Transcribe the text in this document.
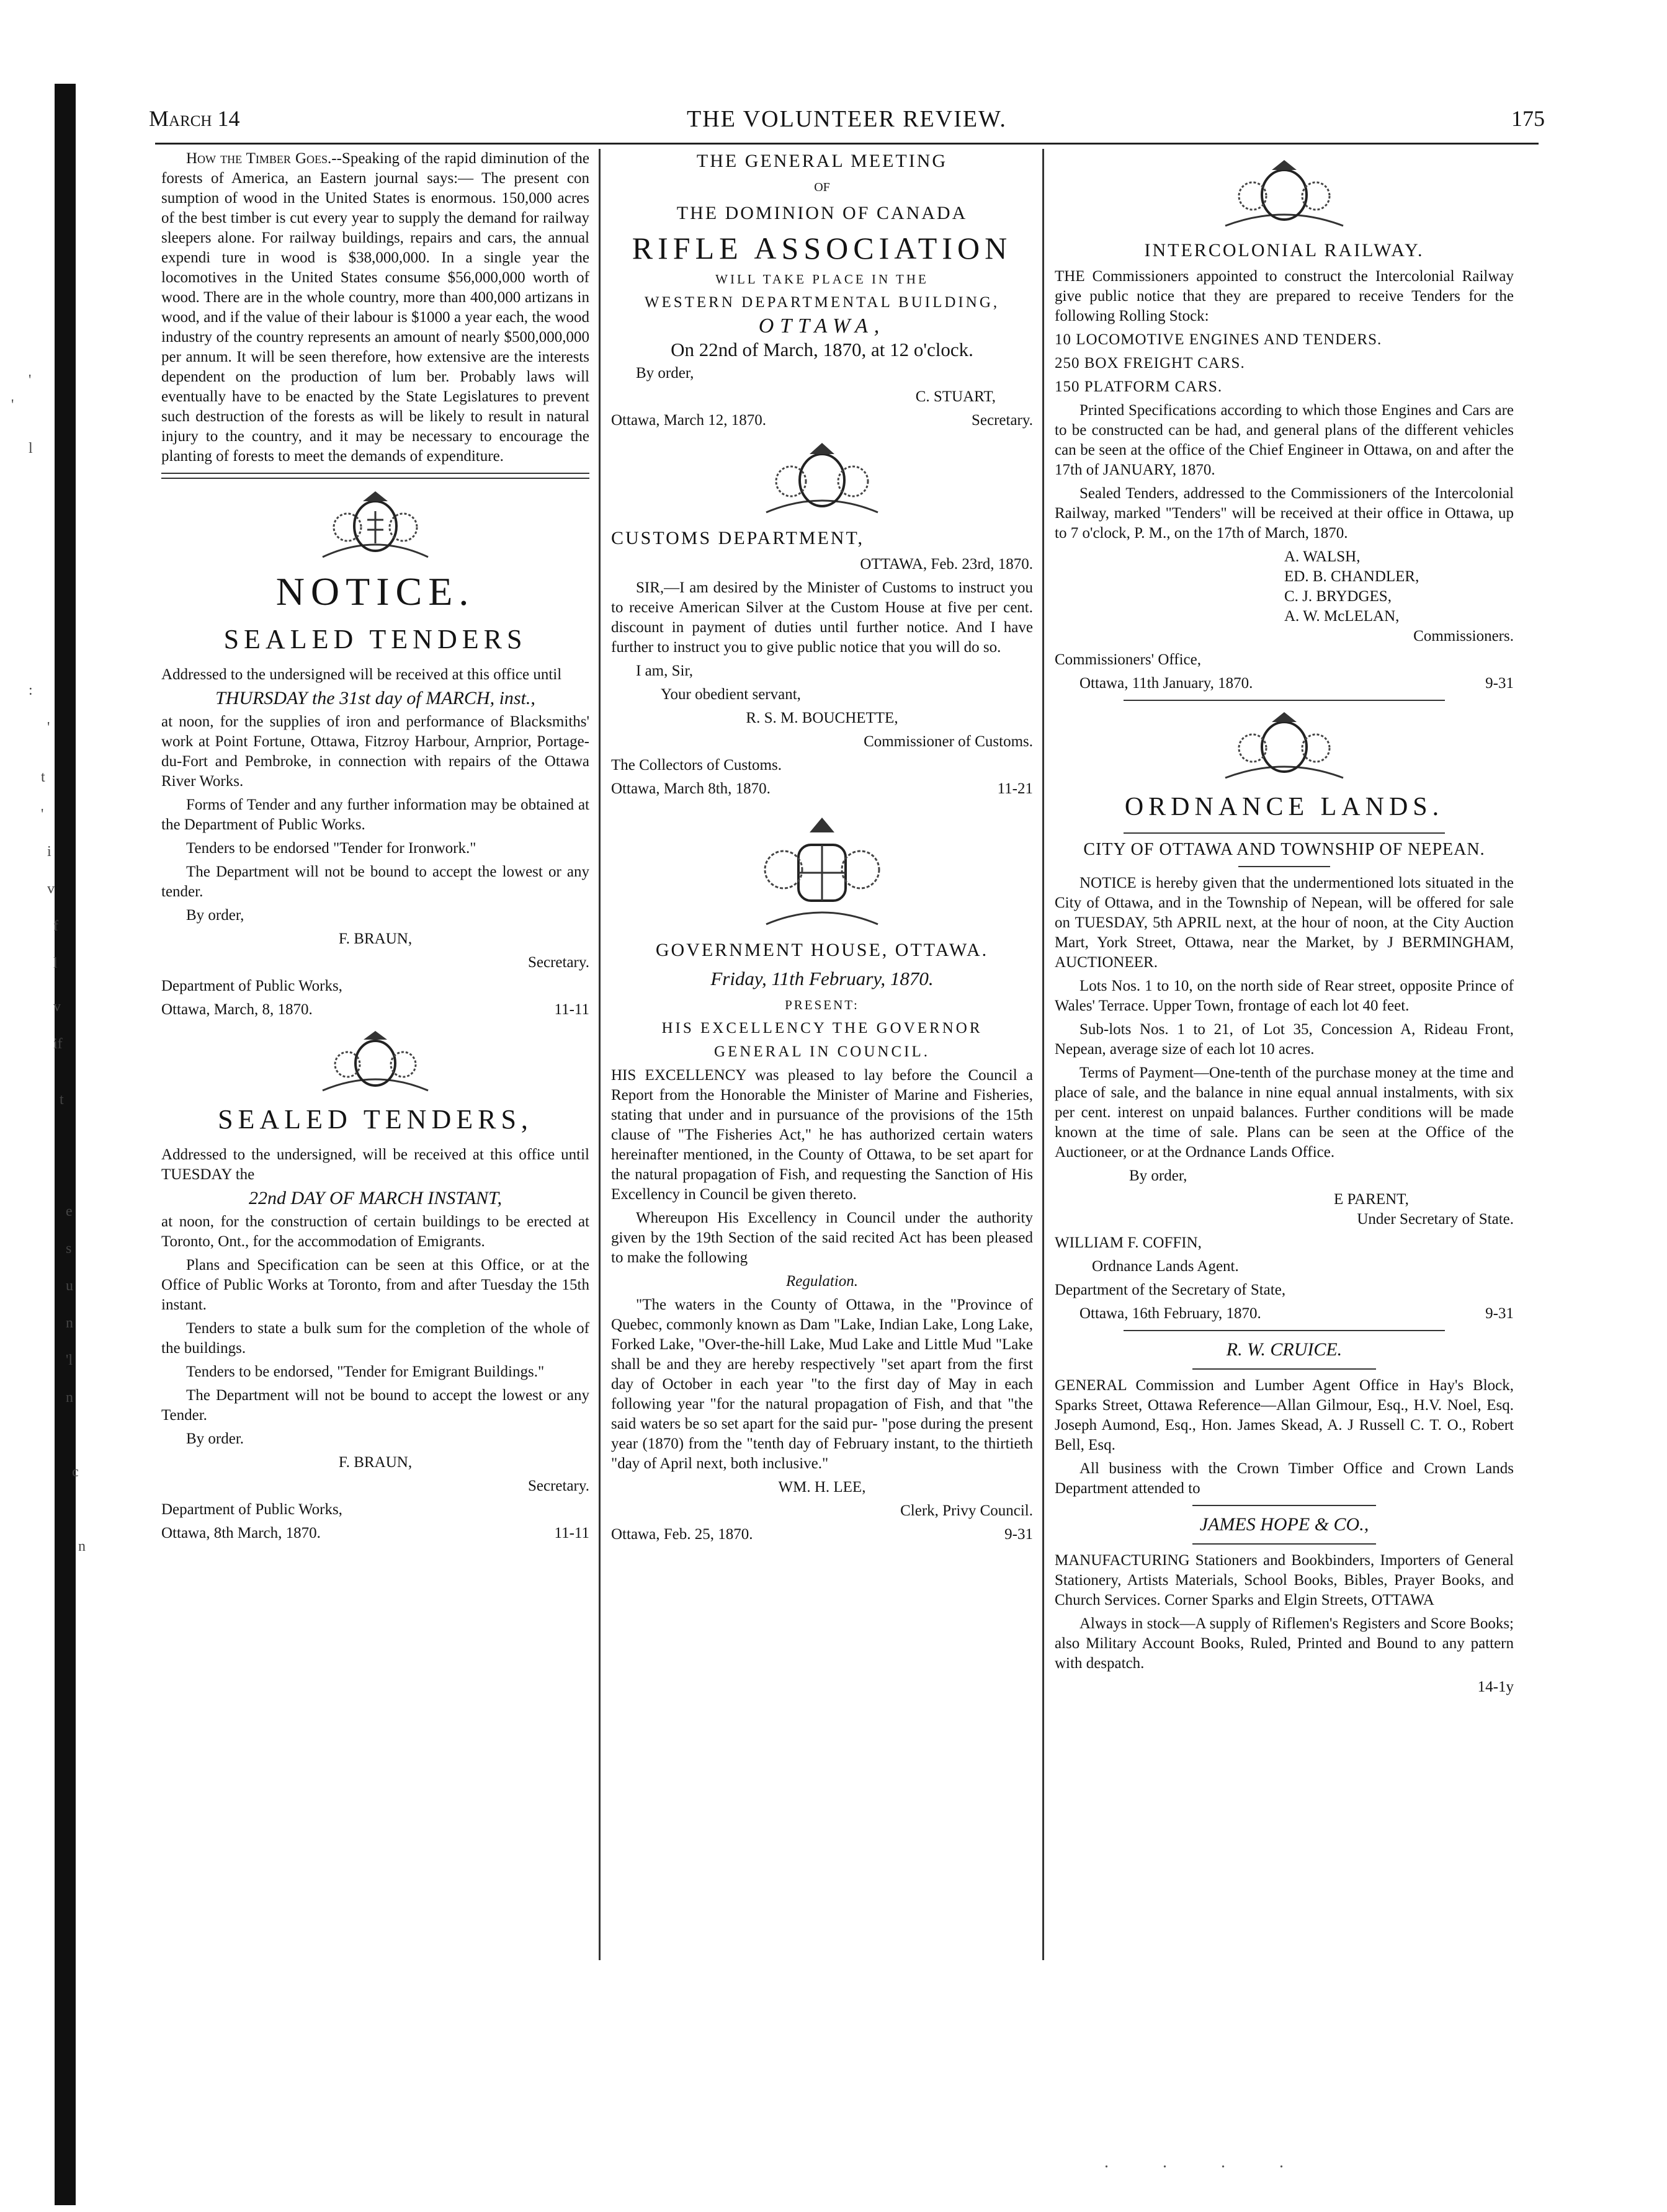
'
'
l
:
'
t
'
i
v
f
l
v
if
t
e
s
u
n
'l
n
c
n
March 14	THE VOLUNTEER REVIEW.	175

How the Timber Goes.--Speaking of the rapid diminution of the forests of America, an Eastern journal says:— The present con sumption of wood in the United States is enormous. 150,000 acres of the best timber is cut every year to supply the demand for railway sleepers alone. For railway buildings, repairs and cars, the annual expendi ture in wood is $38,000,000. In a single year the locomotives in the United States consume $56,000,000 worth of wood. There are in the whole country, more than 400,000 artizans in wood, and if the value of their labour is $1000 a year each, the wood industry of the country represents an amount of nearly $500,000,000 per annum. It will be seen therefore, how extensive are the interests dependent on the production of lum ber. Probably laws will eventually have to be enacted by the State Legislatures to prevent such destruction of the forests as will be likely to result in natural injury to the country, and it may be necessary to encourage the planting of forests to meet the demands of expenditure.

NOTICE.
SEALED TENDERS

Addressed to the undersigned will be received at this office until

THURSDAY the 31st day of MARCH, inst.,

at noon, for the supplies of iron and performance of Blacksmiths' work at Point Fortune, Ottawa, Fitzroy Harbour, Arnprior, Portage-du-Fort and Pembroke, in connection with repairs of the Ottawa River Works.

Forms of Tender and any further information may be obtained at the Department of Public Works.

Tenders to be endorsed "Tender for Ironwork."

The Department will not be bound to accept the lowest or any tender.

By order,

F. BRAUN,

Secretary.

Department of Public Works,

Ottawa, March, 8, 1870.	11-11
SEALED TENDERS,

Addressed to the undersigned, will be received at this office until TUESDAY the

22nd DAY OF MARCH INSTANT,

at noon, for the construction of certain buildings to be erected at Toronto, Ont., for the accommodation of Emigrants.

Plans and Specification can be seen at this Office, or at the Office of Public Works at Toronto, from and after Tuesday the 15th instant.

Tenders to state a bulk sum for the completion of the whole of the buildings.

Tenders to be endorsed, "Tender for Emigrant Buildings."

The Department will not be bound to accept the lowest or any Tender.

By order.

F. BRAUN,

Secretary.

Department of Public Works,

Ottawa, 8th March, 1870.	11-11

THE GENERAL MEETING

OF

THE DOMINION OF CANADA

RIFLE ASSOCIATION

WILL TAKE PLACE IN THE

WESTERN DEPARTMENTAL BUILDING,

OTTAWA,

On 22nd of March, 1870, at 12 o'clock.

By order,

C. STUART,

Ottawa, March 12, 1870.	Secretary.

CUSTOMS DEPARTMENT,

OTTAWA, Feb. 23rd, 1870.

SIR,—I am desired by the Minister of Customs to instruct you to receive American Silver at the Custom House at five per cent. discount in payment of duties until further notice. And I have further to instruct you to give public notice that you will do so.

I am, Sir,

Your obedient servant,

R. S. M. BOUCHETTE,

Commissioner of Customs.

The Collectors of Customs.

Ottawa, March 8th, 1870.	11-21

GOVERNMENT HOUSE, OTTAWA.

Friday, 11th February, 1870.

PRESENT:

HIS EXCELLENCY THE GOVERNOR

GENERAL IN COUNCIL.

HIS EXCELLENCY was pleased to lay before the Council a Report from the Honorable the Minister of Marine and Fisheries, stating that under and in pursuance of the provisions of the 15th clause of "The Fisheries Act," he has authorized certain waters hereinafter mentioned, in the County of Ottawa, to be set apart for the natural propagation of Fish, and requesting the Sanction of His Excellency in Council be given thereto.

Whereupon His Excellency in Council under the authority given by the 19th Section of the said recited Act has been pleased to make the following

Regulation.

"The waters in the County of Ottawa, in the "Province of Quebec, commonly known as Dam "Lake, Indian Lake, Long Lake, Forked Lake, "Over-the-hill Lake, Mud Lake and Little Mud "Lake shall be and they are hereby respectively "set apart from the first day of October in each year "to the first day of May in each following year "for the natural propagation of Fish, and that "the said waters be so set apart for the said pur- "pose during the present year (1870) from the "tenth day of February instant, to the thirtieth "day of April next, both inclusive."

WM. H. LEE,

Clerk, Privy Council.

Ottawa, Feb. 25, 1870.	9-31

INTERCOLONIAL RAILWAY.

THE Commissioners appointed to construct the Intercolonial Railway give public notice that they are prepared to receive Tenders for the following Rolling Stock:

10 LOCOMOTIVE ENGINES AND TENDERS.

250 BOX FREIGHT CARS.

150 PLATFORM CARS.

Printed Specifications according to which those Engines and Cars are to be constructed can be had, and general plans of the different vehicles can be seen at the office of the Chief Engineer in Ottawa, on and after the 17th of JANUARY, 1870.

Sealed Tenders, addressed to the Commissioners of the Intercolonial Railway, marked "Tenders" will be received at their office in Ottawa, up to 7 o'clock, P. M., on the 17th of March, 1870.

A. WALSH,

ED. B. CHANDLER,

C. J. BRYDGES,

A. W. McLELAN,

Commissioners.

Commissioners' Office,

Ottawa, 11th January, 1870.	9-31
ORDNANCE LANDS.

CITY OF OTTAWA AND TOWNSHIP OF NEPEAN.

NOTICE is hereby given that the undermentioned lots situated in the City of Ottawa, and in the Township of Nepean, will be offered for sale on TUESDAY, 5th APRIL next, at the hour of noon, at the City Auction Mart, York Street, Ottawa, near the Market, by J BERMINGHAM, AUCTIONEER.

Lots Nos. 1 to 10, on the north side of Rear street, opposite Prince of Wales' Terrace. Upper Town, frontage of each lot 40 feet.

Sub-lots Nos. 1 to 21, of Lot 35, Concession A, Rideau Front, Nepean, average size of each lot 10 acres.

Terms of Payment—One-tenth of the purchase money at the time and place of sale, and the balance in nine equal annual instalments, with six per cent. interest on unpaid balances. Further conditions will be made known at the time of sale. Plans can be seen at the Office of the Auctioneer, or at the Ordnance Lands Office.

By order,

E PARENT,

Under Secretary of State.

WILLIAM F. COFFIN,

Ordnance Lands Agent.

Department of the Secretary of State,

Ottawa, 16th February, 1870.	9-31

R. W. CRUICE.

GENERAL Commission and Lumber Agent Office in Hay's Block, Sparks Street, Ottawa Reference—Allan Gilmour, Esq., H.V. Noel, Esq. Joseph Aumond, Esq., Hon. James Skead, A. J Russell C. T. O., Robert Bell, Esq.

All business with the Crown Timber Office and Crown Lands Department attended to

JAMES HOPE & CO.,

MANUFACTURING Stationers and Bookbinders, Importers of General Stationery, Artists Materials, School Books, Bibles, Prayer Books, and Church Services. Corner Sparks and Elgin Streets, OTTAWA

Always in stock—A supply of Riflemen's Registers and Score Books; also Military Account Books, Ruled, Printed and Bound to any pattern with despatch.

14-1y

. . . .
